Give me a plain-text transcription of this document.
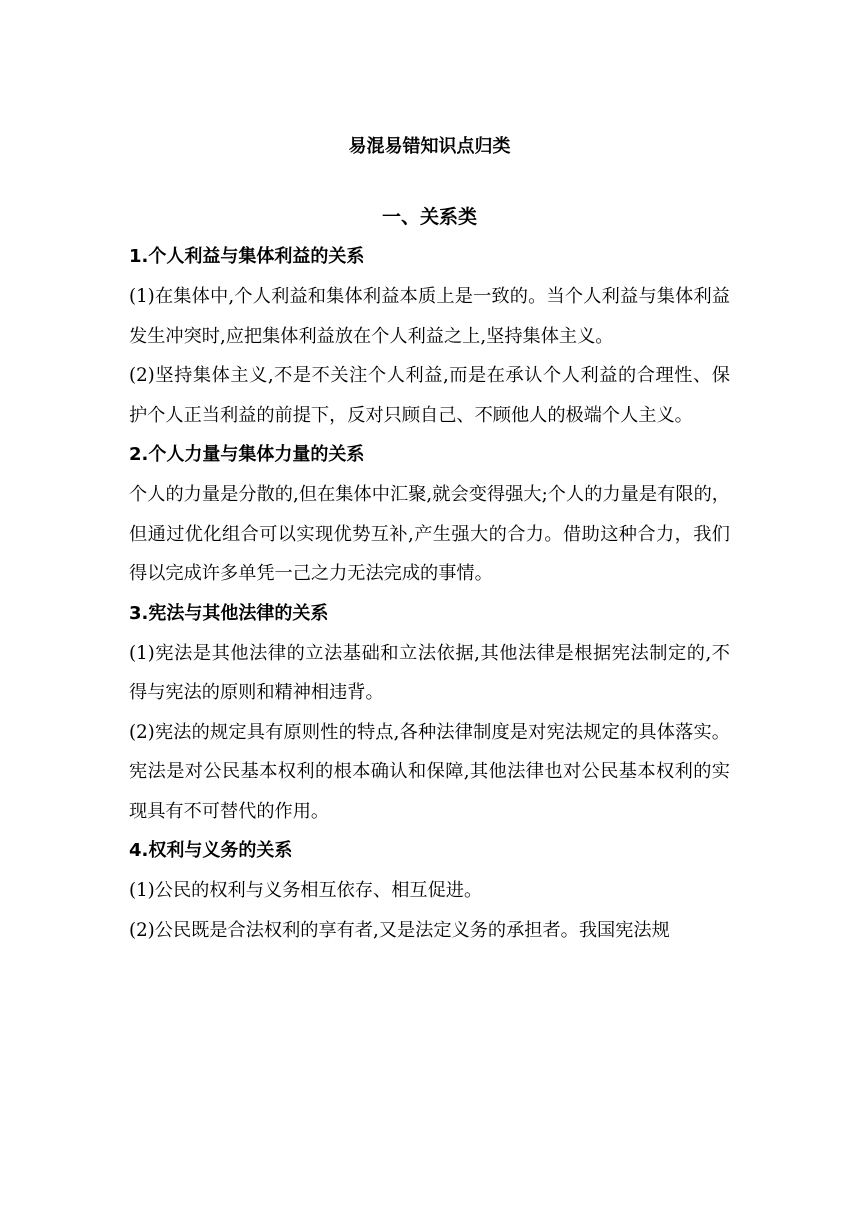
易混易错知识点归类
一、关系类
1.个人利益与集体利益的关系

(1)在集体中,个人利益和集体利益本质上是一致的。当个人利益与集体利益发生冲突时,应把集体利益放在个人利益之上,坚持集体主义。

(2)坚持集体主义,不是不关注个人利益,而是在承认个人利益的合理性、保护个人正当利益的前提下，反对只顾自己、不顾他人的极端个人主义。

2.个人力量与集体力量的关系

个人的力量是分散的,但在集体中汇聚,就会变得强大;个人的力量是有限的，但通过优化组合可以实现优势互补,产生强大的合力。借助这种合力，我们得以完成许多单凭一己之力无法完成的事情。

3.宪法与其他法律的关系

(1)宪法是其他法律的立法基础和立法依据,其他法律是根据宪法制定的,不得与宪法的原则和精神相违背。

(2)宪法的规定具有原则性的特点,各种法律制度是对宪法规定的具体落实。宪法是对公民基本权利的根本确认和保障,其他法律也对公民基本权利的实现具有不可替代的作用。

4.权利与义务的关系

(1)公民的权利与义务相互依存、相互促进。

(2)公民既是合法权利的享有者,又是法定义务的承担者。我国宪法规
